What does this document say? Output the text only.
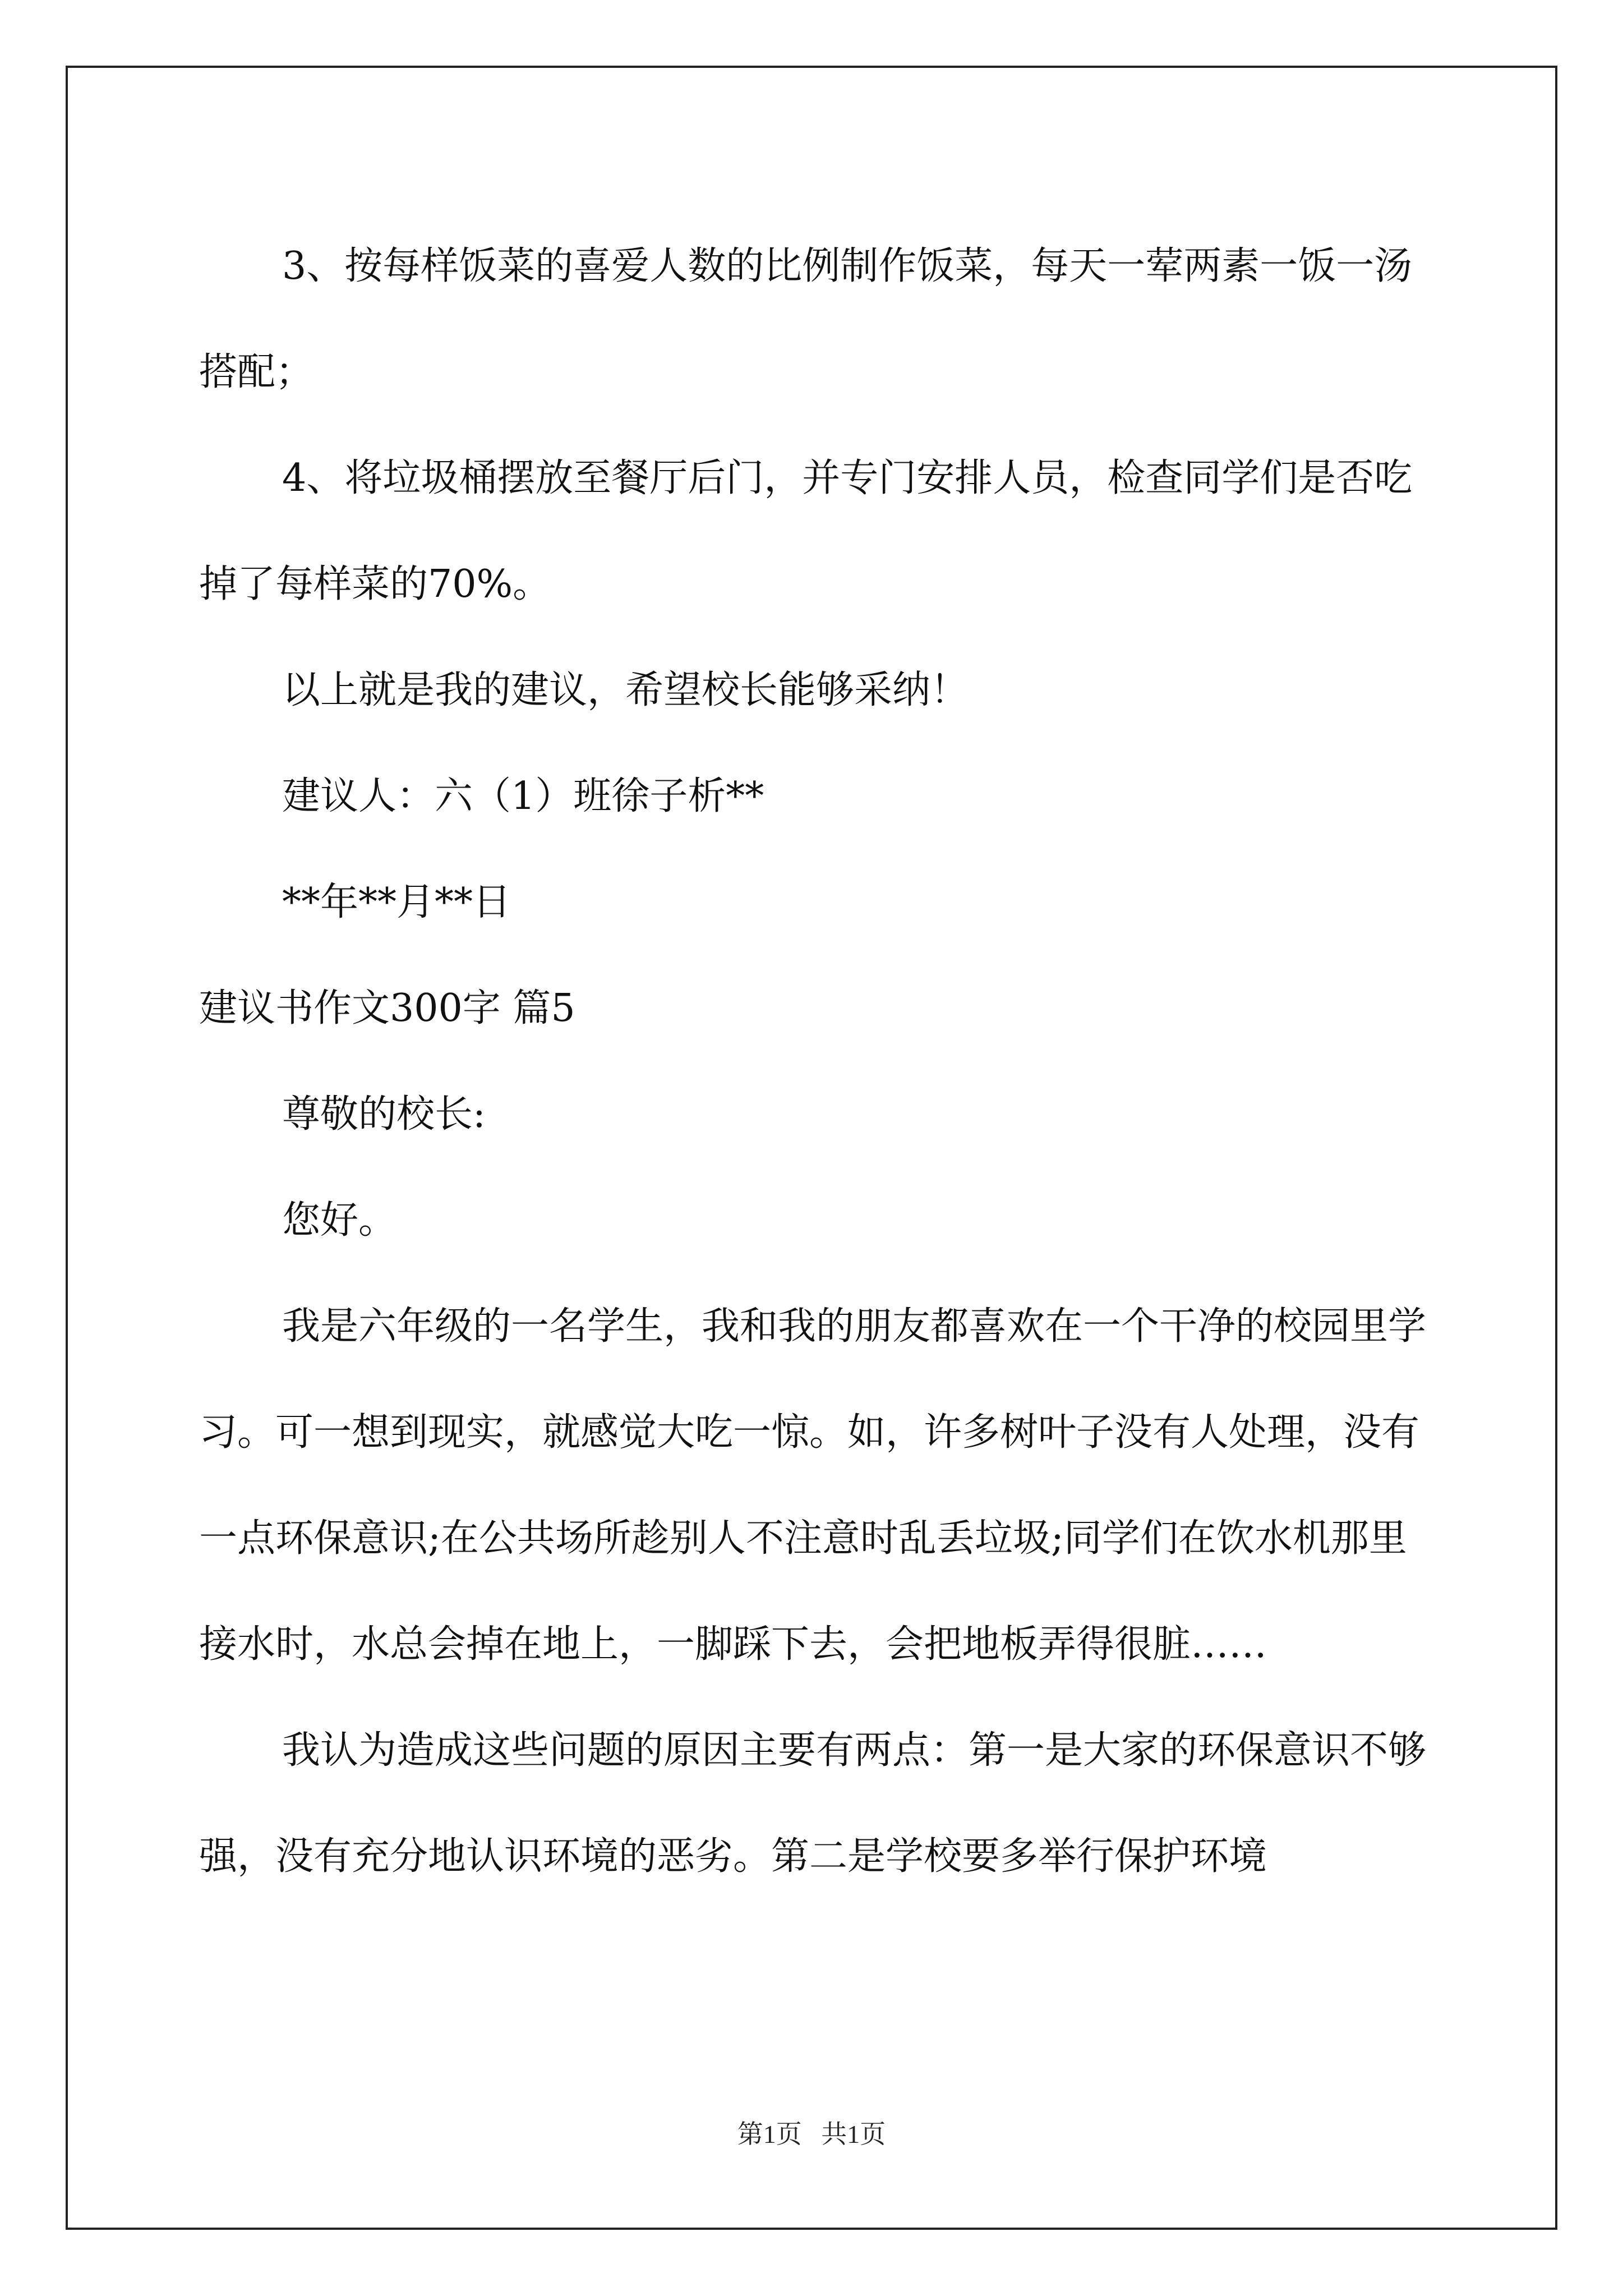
3、按每样饭菜的喜爱人数的比例制作饭菜，每天一荤两素一饭一汤搭配；

4、将垃圾桶摆放至餐厅后门，并专门安排人员，检查同学们是否吃掉了每样菜的70%。

以上就是我的建议，希望校长能够采纳！

建议人：六（1）班徐子析**

**年**月**日

建议书作文300字 篇5

尊敬的校长:

您好。

我是六年级的一名学生，我和我的朋友都喜欢在一个干净的校园里学习。可一想到现实，就感觉大吃一惊。如，许多树叶子没有人处理，没有一点环保意识;在公共场所趁别人不注意时乱丢垃圾;同学们在饮水机那里接水时，水总会掉在地上，一脚踩下去，会把地板弄得很脏……

我认为造成这些问题的原因主要有两点：第一是大家的环保意识不够强，没有充分地认识环境的恶劣。第二是学校要多举行保护环境

第1页 共1页
